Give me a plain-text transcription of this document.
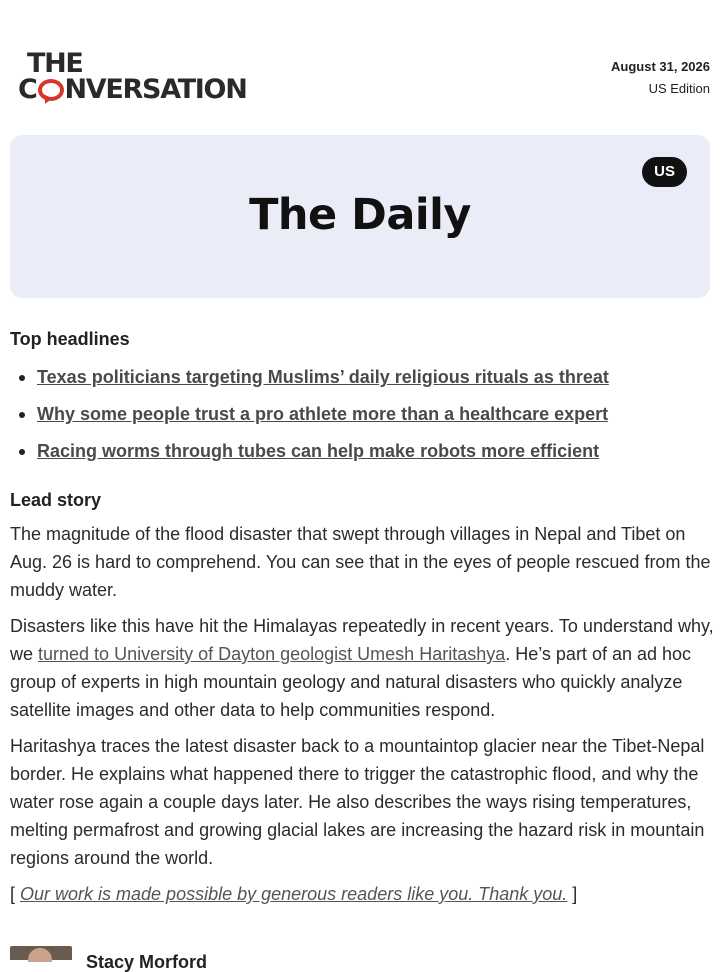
THE
C NVERSATION
August 31, 2026
US Edition
US
The Daily
Top headlines
Texas politicians targeting Muslims’ daily religious rituals as threat
Why some people trust a pro athlete more than a healthcare expert
Racing worms through tubes can help make robots more efficient
Lead story

The magnitude of the flood disaster that swept through villages in Nepal and Tibet on Aug. 26 is hard to comprehend. You can see that in the eyes of people rescued from the muddy water.

Disasters like this have hit the Himalayas repeatedly in recent years. To understand why, we turned to University of Dayton geologist Umesh Haritashya. He’s part of an ad hoc group of experts in high mountain geology and natural disasters who quickly analyze satellite images and other data to help communities respond.

Haritashya traces the latest disaster back to a mountaintop glacier near the Tibet-Nepal border. He explains what happened there to trigger the catastrophic flood, and why the water rose again a couple days later. He also describes the ways rising temperatures, melting permafrost and growing glacial lakes are increasing the hazard risk in mountain regions around the world.

[ Our work is made possible by generous readers like you. Thank you. ]

Stacy Morford
